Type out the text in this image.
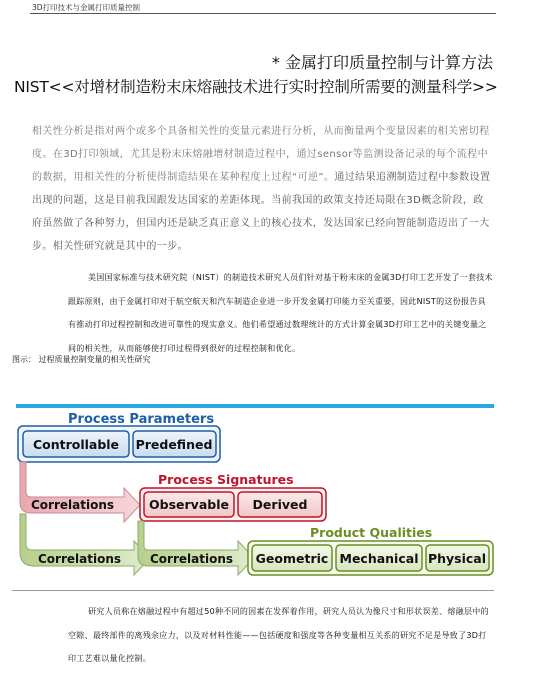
3D打印技术与金属打印质量控制
* 金属打印质量控制与计算方法
NIST<<对增材制造粉末床熔融技术进行实时控制所需要的测量科学>>

相关性分析是指对两个或多个具备相关性的变量元素进行分析，从而衡量两个变量因素的相关密切程度。在3D打印领域，尤其是粉末床熔融增材制造过程中，通过sensor等监测设备记录的每个流程中的数据，用相关性的分析使得制造结果在某种程度上过程“可逆”。通过结果追溯制造过程中参数设置出现的问题，这是目前我国跟发达国家的差距体现。当前我国的政策支持还局限在3D概念阶段，政府虽然做了各种努力，但国内还是缺乏真正意义上的核心技术，发达国家已经向智能制造迈出了一大步。相关性研究就是其中的一步。

美国国家标准与技术研究院（NIST）的制造技术研究人员们针对基于粉末床的金属3D打印工艺开发了一套技术跟踪原则，由于金属打印对于航空航天和汽车制造企业进一步开发金属打印能力至关重要，因此NIST的这份报告具有推动打印过程控制和改进可靠性的现实意义。他们希望通过数理统计的方式计算金属3D打印工艺中的关键变量之间的相关性，从而能够使打印过程得到很好的过程控制和优化。

图示： 过程质量控制变量的相关性研究
Process Parameters
Controllable Predefined
Correlations
Process Signatures
Observable Derived
Correlations Correlations
Product Qualities
Geometric Mechanical Physical

研究人员称在熔融过程中有超过50种不同的因素在发挥着作用，研究人员认为像尺寸和形状误差、熔融层中的空隙、最终部件的离残余应力，以及对材料性能——包括硬度和强度等各种变量相互关系的研究不足是导致了3D打印工艺难以量化控制。
